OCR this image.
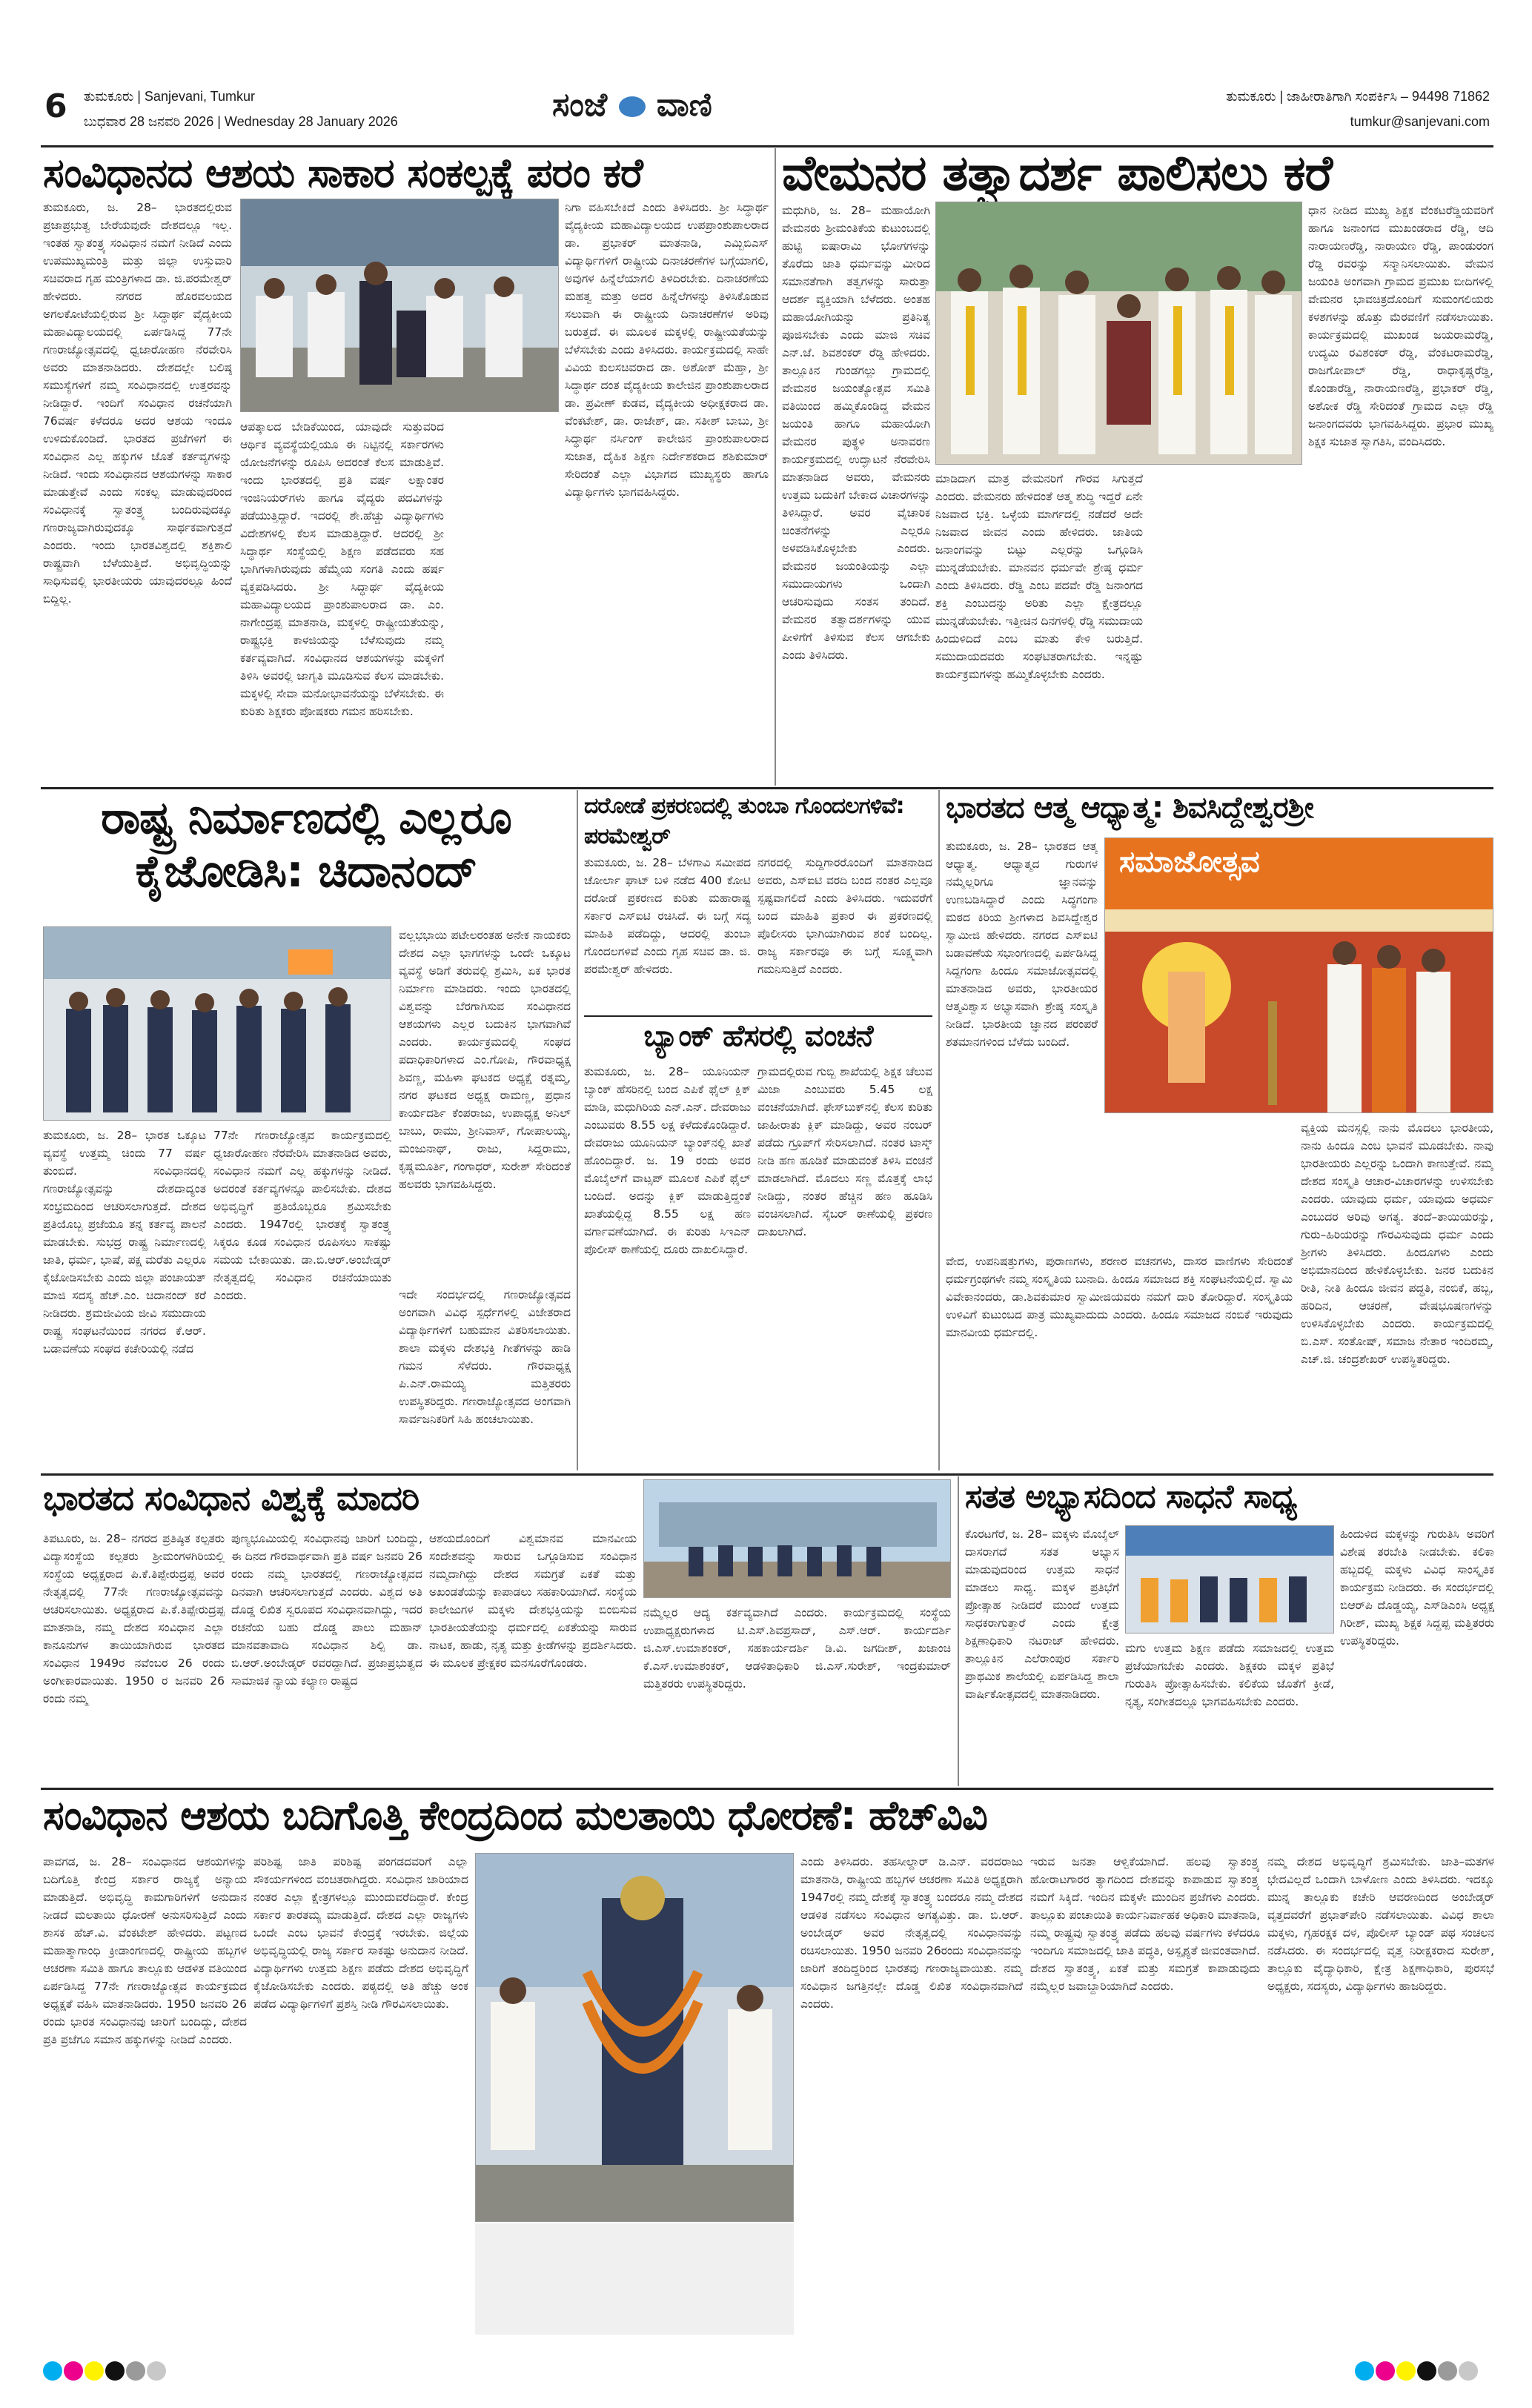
6 ತುಮಕೂರು | Sanjevani, Tumkur
ಬುಧವಾರ 28 ಜನವರಿ 2026 | Wednesday 28 January 2026	ಸಂಜೆ ವಾಣಿ	ತುಮಕೂರು | ಜಾಹೀರಾತಿಗಾಗಿ ಸಂಪರ್ಕಿಸಿ – 94498 71862
tumkur@sanjevani.com
ಸಂವಿಧಾನದ ಆಶಯ ಸಾಕಾರ ಸಂಕಲ್ಪಕ್ಕೆ ಪರಂ ಕರೆ
ತುಮಕೂರು, ಜ. 28– ಭಾರತದಲ್ಲಿರುವ ಪ್ರಜಾಪ್ರಭುತ್ವ ಬೇರೆಯವುದೇ ದೇಶದಲ್ಲೂ ಇಲ್ಲ. ಇಂತಹ ಸ್ವಾತಂತ್ರ್ಯ ಸಂವಿಧಾನ ನಮಗೆ ನೀಡಿದೆ ಎಂದು ಉಪಮುಖ್ಯಮಂತ್ರಿ ಮತ್ತು ಜಿಲ್ಲಾ ಉಸ್ತುವಾರಿ ಸಚಿವರಾದ ಗೃಹ ಮಂತ್ರಿಗಳಾದ ಡಾ. ಜಿ.ಪರಮೇಶ್ವರ್ ಹೇಳಿದರು. ನಗರದ ಹೊರವಲಯದ ಅಗಲಕೋಟೆಯಲ್ಲಿರುವ ಶ್ರೀ ಸಿದ್ಧಾರ್ಥ ವೈದ್ಯಕೀಯ ಮಹಾವಿದ್ಯಾಲಯದಲ್ಲಿ ಏರ್ಪಡಿಸಿದ್ದ 77ನೇ ಗಣರಾಜ್ಯೋತ್ಸವದಲ್ಲಿ ಧ್ವಜಾರೋಹಣ ನೆರವೇರಿಸಿ ಅವರು ಮಾತನಾಡಿದರು. ದೇಶದಲ್ಲೇ ಬಲಿಷ್ಠ ಸಮುಸ್ಯೆಗಳಿಗೆ ನಮ್ಮ ಸಂವಿಧಾನದಲ್ಲಿ ಉತ್ತರವನ್ನು ನೀಡಿದ್ದಾರೆ. ಇಂದಿಗೆ ಸಂವಿಧಾನ ರಚನೆಯಾಗಿ 76ವರ್ಷ ಕಳೆದರೂ ಅದರ ಆಶಯ ಇಂದೂ ಉಳಿದುಕೊಂಡಿದೆ. ಭಾರತದ ಪ್ರಜೆಗಳಿಗೆ ಈ ಸಂವಿಧಾನ ಎಲ್ಲ ಹಕ್ಕುಗಳ ಜೊತೆ ಕರ್ತವ್ಯಗಳನ್ನು ನೀಡಿದೆ. ಇಂದು ಸಂವಿಧಾನದ ಆಶಯಗಳನ್ನು ಸಾಕಾರ ಮಾಡುತ್ತೇವೆ ಎಂದು ಸಂಕಲ್ಪ ಮಾಡುವುದರಿಂದ ಸಂವಿಧಾನಕ್ಕೆ ಸ್ವಾತಂತ್ರ್ಯ ಬಂದಿರುವುದಕ್ಕೂ ಗಣರಾಜ್ಯವಾಗಿರುವುದಕ್ಕೂ ಸಾರ್ಥಕವಾಗುತ್ತದೆ ಎಂದರು. ಇಂದು ಭಾರತವಿಶ್ವದಲ್ಲಿ ಶಕ್ತಿಶಾಲಿ ರಾಷ್ಟ್ರವಾಗಿ ಬೆಳೆಯುತ್ತಿದೆ. ಅಭಿವೃದ್ಧಿಯನ್ನು ಸಾಧಿಸುವಲ್ಲಿ ಭಾರತೀಯರು ಯಾವುದರಲ್ಲೂ ಹಿಂದೆ ಬಿದ್ದಿಲ್ಲ.
ಆಪತ್ಕಾಲದ ಬೇಡಿಕೆಯಿಂದ, ಯಾವುದೇ ಸುತ್ತುವರಿದ ಆರ್ಥಿಕ ವ್ಯವಸ್ಥೆಯಲ್ಲಿಯೂ ಈ ನಿಟ್ಟಿನಲ್ಲಿ ಸರ್ಕಾರಗಳು ಯೋಜನೆಗಳನ್ನು ರೂಪಿಸಿ ಅದರಂತೆ ಕೆಲಸ ಮಾಡುತ್ತಿವೆ. ಇಂದು ಭಾರತದಲ್ಲಿ ಪ್ರತಿ ವರ್ಷ ಲಕ್ಷಾಂತರ ಇಂಜಿನಿಯರ್‌ಗಳು ಹಾಗೂ ವೈದ್ಯರು ಪದವಿಗಳನ್ನು ಪಡೆಯುತ್ತಿದ್ದಾರೆ. ಇದರಲ್ಲಿ ಶೇ.ಹೆಚ್ಚು ವಿದ್ಯಾರ್ಥಿಗಳು ವಿದೇಶಗಳಲ್ಲಿ ಕೆಲಸ ಮಾಡುತ್ತಿದ್ದಾರೆ. ಆದರಲ್ಲಿ ಶ್ರೀ ಸಿದ್ಧಾರ್ಥ ಸಂಸ್ಥೆಯಲ್ಲಿ ಶಿಕ್ಷಣ ಪಡೆದವರು ಸಹ ಭಾಗಿಗಳಾಗಿರುವುದು ಹೆಮ್ಮೆಯ ಸಂಗತಿ ಎಂದು ಹರ್ಷ ವ್ಯಕ್ತಪಡಿಸಿದರು. ಶ್ರೀ ಸಿದ್ಧಾರ್ಥ ವೈದ್ಯಕೀಯ ಮಹಾವಿದ್ಯಾಲಯದ ಪ್ರಾಂಶುಪಾಲರಾದ ಡಾ. ಎಂ. ನಾಗೇಂದ್ರಪ್ಪ ಮಾತನಾಡಿ, ಮಕ್ಕಳಲ್ಲಿ ರಾಷ್ಟ್ರೀಯತೆಯನ್ನು, ರಾಷ್ಟ್ರಭಕ್ತಿ ಕಾಳಜಿಯನ್ನು ಬೆಳೆಸುವುದು ನಮ್ಮ ಕರ್ತವ್ಯವಾಗಿದೆ. ಸಂವಿಧಾನದ ಆಶಯಗಳನ್ನು ಮಕ್ಕಳಿಗೆ ತಿಳಿಸಿ ಅವರಲ್ಲಿ ಜಾಗೃತಿ ಮೂಡಿಸುವ ಕೆಲಸ ಮಾಡಬೇಕು. ಮಕ್ಕಳಲ್ಲಿ ಸೇವಾ ಮನೋಭಾವನೆಯನ್ನು ಬೆಳೆಸಬೇಕು. ಈ ಕುರಿತು ಶಿಕ್ಷಕರು ಪೋಷಕರು ಗಮನ ಹರಿಸಬೇಕು.
ನಿಗಾ ವಹಿಸಬೇಕಿದೆ ಎಂದು ತಿಳಿಸಿದರು. ಶ್ರೀ ಸಿದ್ಧಾರ್ಥ ವೈದ್ಯಕೀಯ ಮಹಾವಿದ್ಯಾಲಯದ ಉಪಪ್ರಾಂಶುಪಾಲರಾದ ಡಾ. ಪ್ರಭಾಕರ್ ಮಾತನಾಡಿ, ಎಮ್ಬಿಬಿಎಸ್ ವಿದ್ಯಾರ್ಥಿಗಳಿಗೆ ರಾಷ್ಟ್ರೀಯ ದಿನಾಚರಣೆಗಳ ಬಗ್ಗೆಯಾಗಲಿ, ಅವುಗಳ ಹಿನ್ನೆಲೆಯಾಗಲಿ ತಿಳಿದಿರಬೇಕು. ದಿನಾಚರಣೆಯ ಮಹತ್ವ ಮತ್ತು ಅದರ ಹಿನ್ನೆಲೆಗಳನ್ನು ತಿಳಿಸಿಕೊಡುವ ಸಲುವಾಗಿ ಈ ರಾಷ್ಟ್ರೀಯ ದಿನಾಚರಣೆಗಳ ಅರಿವು ಬರುತ್ತದೆ. ಈ ಮೂಲಕ ಮಕ್ಕಳಲ್ಲಿ ರಾಷ್ಟ್ರೀಯತೆಯನ್ನು ಬೆಳೆಸಬೇಕು ಎಂದು ತಿಳಿಸಿದರು. ಕಾರ್ಯಕ್ರಮದಲ್ಲಿ ಸಾಹೇ ವಿವಿಯ ಕುಲಸಚಿವರಾದ ಡಾ. ಅಶೋಕ್ ಮೆಹ್ತಾ, ಶ್ರೀ ಸಿದ್ಧಾರ್ಥ ದಂತ ವೈದ್ಯಕೀಯ ಕಾಲೇಜಿನ ಪ್ರಾಂಶುಪಾಲರಾದ ಡಾ. ಪ್ರವೀಣ್ ಕುಡವ, ವೈದ್ಯಕೀಯ ಅಧೀಕ್ಷಕರಾದ ಡಾ. ವೆಂಕಟೇಶ್, ಡಾ. ರಾಜೇಶ್, ಡಾ. ಸತೀಶ್ ಬಾಬು, ಶ್ರೀ ಸಿದ್ಧಾರ್ಥ ನರ್ಸಿಂಗ್ ಕಾಲೇಜಿನ ಪ್ರಾಂಶುಪಾಲರಾದ ಸುಜಾತ, ದೈಹಿಕ ಶಿಕ್ಷಣ ನಿರ್ದೇಶಕರಾದ ಶಶಿಕುಮಾರ್ ಸೇರಿದಂತೆ ಎಲ್ಲಾ ವಿಭಾಗದ ಮುಖ್ಯಸ್ಥರು ಹಾಗೂ ವಿದ್ಯಾರ್ಥಿಗಳು ಭಾಗವಹಿಸಿದ್ದರು.
ವೇಮನರ ತತ್ವಾದರ್ಶ ಪಾಲಿಸಲು ಕರೆ
ಮಧುಗಿರಿ, ಜ. 28– ಮಹಾಯೋಗಿ ವೇಮನರು ಶ್ರೀಮಂತಿಕೆಯ ಕುಟುಂಬದಲ್ಲಿ ಹುಟ್ಟಿ ಐಷಾರಾಮಿ ಭೋಗಗಳನ್ನು ತೊರೆದು ಜಾತಿ ಧರ್ಮವನ್ನು ಮೀರಿದ ಸಮಾನತೆಗಾಗಿ ತತ್ವಗಳನ್ನು ಸಾರುತ್ತಾ ಆದರ್ಶ ವ್ಯಕ್ತಿಯಾಗಿ ಬೆಳೆದರು. ಅಂತಹ ಮಹಾಯೋಗಿಯನ್ನು ಪ್ರತಿನಿತ್ಯ ಪೂಜಿಸಬೇಕು ಎಂದು ಮಾಜಿ ಸಚಿವ ಎನ್.ಜೆ. ಶಿವಶಂಕರ್ ರೆಡ್ಡಿ ಹೇಳಿದರು. ತಾಲ್ಲೂಕಿನ ಗುಂಡಗಲ್ಲು ಗ್ರಾಮದಲ್ಲಿ ವೇಮನರ ಜಯಂತ್ಯೋತ್ಸವ ಸಮಿತಿ ವತಿಯಿಂದ ಹಮ್ಮಿಕೊಂಡಿದ್ದ ವೇಮನ ಜಯಂತಿ ಹಾಗೂ ಮಹಾಯೋಗಿ ವೇಮನರ ಪುತ್ಥಳಿ ಅನಾವರಣ ಕಾರ್ಯಕ್ರಮದಲ್ಲಿ ಉದ್ಘಾಟನೆ ನೆರವೇರಿಸಿ ಮಾತನಾಡಿದ ಅವರು, ವೇಮನರು ಉತ್ತಮ ಬದುಕಿಗೆ ಬೇಕಾದ ವಿಚಾರಗಳನ್ನು ತಿಳಿಸಿದ್ದಾರೆ. ಅವರ ವೈಚಾರಿಕ ಚಿಂತನೆಗಳನ್ನು ಎಲ್ಲರೂ ಅಳವಡಿಸಿಕೊಳ್ಳಬೇಕು ಎಂದರು. ವೇಮನರ ಜಯಂತಿಯನ್ನು ಎಲ್ಲಾ ಸಮುದಾಯಗಳು ಒಂದಾಗಿ ಆಚರಿಸುವುದು ಸಂತಸ ತಂದಿದೆ. ವೇಮನರ ತತ್ವಾದರ್ಶಗಳನ್ನು ಯುವ ಪೀಳಿಗೆಗೆ ತಿಳಿಸುವ ಕೆಲಸ ಆಗಬೇಕು ಎಂದು ತಿಳಿಸಿದರು.
ಮಾಡಿದಾಗ ಮಾತ್ರ ವೇಮನರಿಗೆ ಗೌರವ ಸಿಗುತ್ತದೆ ಎಂದರು. ವೇಮನರು ಹೇಳಿದಂತೆ ಆತ್ಮ ಶುದ್ಧಿ ಇದ್ದರೆ ಏನೇ ನಿಜವಾದ ಭಕ್ತಿ. ಒಳ್ಳೆಯ ಮಾರ್ಗದಲ್ಲಿ ನಡೆದರೆ ಅದೇ ನಿಜವಾದ ಜೀವನ ಎಂದು ಹೇಳಿದರು. ಜಾತಿಯ ಜನಾಂಗವನ್ನು ಬಿಟ್ಟು ಎಲ್ಲರನ್ನು ಒಗ್ಗೂಡಿಸಿ ಮುನ್ನಡೆಯಬೇಕು. ಮಾನವನ ಧರ್ಮವೇ ಶ್ರೇಷ್ಠ ಧರ್ಮ ಎಂದು ತಿಳಿಸಿದರು. ರೆಡ್ಡಿ ಎಂಬ ಪದವೇ ರೆಡ್ಡಿ ಜನಾಂಗದ ಶಕ್ತಿ ಎಂಬುದನ್ನು ಅರಿತು ಎಲ್ಲಾ ಕ್ಷೇತ್ರದಲ್ಲೂ ಮುನ್ನಡೆಯಬೇಕು. ಇತ್ತೀಚಿನ ದಿನಗಳಲ್ಲಿ ರೆಡ್ಡಿ ಸಮುದಾಯ ಹಿಂದುಳಿದಿದೆ ಎಂಬ ಮಾತು ಕೇಳಿ ಬರುತ್ತಿದೆ. ಸಮುದಾಯದವರು ಸಂಘಟಿತರಾಗಬೇಕು. ಇನ್ನಷ್ಟು ಕಾರ್ಯಕ್ರಮಗಳನ್ನು ಹಮ್ಮಿಕೊಳ್ಳಬೇಕು ಎಂದರು.
ಧಾನ ನೀಡಿದ ಮುಖ್ಯ ಶಿಕ್ಷಕ ವೆಂಕಟರೆಡ್ಡಿಯವರಿಗೆ ಹಾಗೂ ಜನಾಂಗದ ಮುಖಂಡರಾದ ರೆಡ್ಡಿ, ಆದಿ ನಾರಾಯಣರೆಡ್ಡಿ, ನಾರಾಯಣ ರೆಡ್ಡಿ, ಪಾಂಡುರಂಗ ರೆಡ್ಡಿ ರವರನ್ನು ಸನ್ಮಾನಿಸಲಾಯಿತು. ವೇಮನ ಜಯಂತಿ ಅಂಗವಾಗಿ ಗ್ರಾಮದ ಪ್ರಮುಖ ಬೀದಿಗಳಲ್ಲಿ ವೇಮನರ ಭಾವಚಿತ್ರದೊಂದಿಗೆ ಸುಮಂಗಲಿಯರು ಕಳಶಗಳನ್ನು ಹೊತ್ತು ಮೆರವಣಿಗೆ ನಡೆಸಲಾಯಿತು. ಕಾರ್ಯಕ್ರಮದಲ್ಲಿ ಮುಖಂಡ ಜಯರಾಮರೆಡ್ಡಿ, ಉದ್ಯಮಿ ರವಿಶಂಕರ್ ರೆಡ್ಡಿ, ವೆಂಕಟರಾಮರೆಡ್ಡಿ, ರಾಜಗೋಪಾಲ್ ರೆಡ್ಡಿ, ರಾಧಾಕೃಷ್ಣರೆಡ್ಡಿ, ಕೊಂಡಾರೆಡ್ಡಿ, ನಾರಾಯಣರೆಡ್ಡಿ, ಪ್ರಭಾಕರ್ ರೆಡ್ಡಿ, ಅಶೋಕ ರೆಡ್ಡಿ ಸೇರಿದಂತೆ ಗ್ರಾಮದ ಎಲ್ಲಾ ರೆಡ್ಡಿ ಜನಾಂಗದವರು ಭಾಗವಹಿಸಿದ್ದರು. ಪ್ರಭಾರ ಮುಖ್ಯ ಶಿಕ್ಷಕ ಸುಜಾತ ಸ್ವಾಗತಿಸಿ, ವಂದಿಸಿದರು.
ರಾಷ್ಟ್ರ ನಿರ್ಮಾಣದಲ್ಲಿ ಎಲ್ಲರೂ ಕೈಜೋಡಿಸಿ: ಚಿದಾನಂದ್
ತುಮಕೂರು, ಜ. 28– ಭಾರತ ಒಕ್ಕೂಟ ವ್ಯವಸ್ಥೆ ಉತ್ತಮ್ಮ ಚಿಂದು 77 ವರ್ಷ ತುಂಬಿದೆ. ಸಂವಿಧಾನದಲ್ಲಿ ಗಣರಾಜ್ಯೋತ್ಸವನ್ನು ದೇಶದಾದ್ಯಂತ ಸಂಭ್ರಮದಿಂದ ಆಚರಿಸಲಾಗುತ್ತದೆ. ದೇಶದ ಪ್ರತಿಯೊಬ್ಬ ಪ್ರಜೆಯೂ ತನ್ನ ಕರ್ತವ್ಯ ಪಾಲನೆ ಮಾಡಬೇಕು. ಸುಭದ್ರ ರಾಷ್ಟ್ರ ನಿರ್ಮಾಣದಲ್ಲಿ ಜಾತಿ, ಧರ್ಮ, ಭಾಷೆ, ಪಕ್ಷ ಮರೆತು ಎಲ್ಲರೂ ಕೈಜೋಡಿಸಬೇಕು ಎಂದು ಜಿಲ್ಲಾ ಪಂಚಾಯತ್ ಮಾಜಿ ಸದಸ್ಯ ಹೆಚ್.ಎಂ. ಚಿದಾನಂದ್ ಕರೆ ನೀಡಿದರು. ಶ್ರಮಜೀವಿಯ ಜೀವಿ ಸಮುದಾಯ ರಾಷ್ಟ್ರ ಸಂಘಟನೆಯಿಂದ ನಗರದ ಕೆ.ಆರ್. ಬಡಾವಣೆಯ ಸಂಘದ ಕಚೇರಿಯಲ್ಲಿ ನಡೆದ
77ನೇ ಗಣರಾಜ್ಯೋತ್ಸವ ಕಾರ್ಯಕ್ರಮದಲ್ಲಿ ಧ್ವಜಾರೋಹಣ ನೆರವೇರಿಸಿ ಮಾತನಾಡಿದ ಅವರು, ಸಂವಿಧಾನ ನಮಗೆ ಎಲ್ಲ ಹಕ್ಕುಗಳನ್ನು ನೀಡಿದೆ. ಅದರಂತೆ ಕರ್ತವ್ಯಗಳನ್ನೂ ಪಾಲಿಸಬೇಕು. ದೇಶದ ಅಭಿವೃದ್ಧಿಗೆ ಪ್ರತಿಯೊಬ್ಬರೂ ಶ್ರಮಿಸಬೇಕು ಎಂದರು. 1947ರಲ್ಲಿ ಭಾರತಕ್ಕೆ ಸ್ವಾತಂತ್ರ್ಯ ಸಿಕ್ಕರೂ ಕೂಡ ಸಂವಿಧಾನ ರೂಪಿಸಲು ಸಾಕಷ್ಟು ಸಮಯ ಬೇಕಾಯಿತು. ಡಾ.ಬಿ.ಆರ್.ಅಂಬೇಡ್ಕರ್ ನೇತೃತ್ವದಲ್ಲಿ ಸಂವಿಧಾನ ರಚನೆಯಾಯಿತು ಎಂದರು.
ವಲ್ಲಭಭಾಯಿ ಪಟೇಲರಂತಹ ಅನೇಕ ನಾಯಕರು ದೇಶದ ಎಲ್ಲಾ ಭಾಗಗಳನ್ನು ಒಂದೇ ಒಕ್ಕೂಟ ವ್ಯವಸ್ಥೆ ಅಡಿಗೆ ತರುವಲ್ಲಿ ಶ್ರಮಿಸಿ, ಏಕ ಭಾರತ ನಿರ್ಮಾಣ ಮಾಡಿದರು. ಇಂದು ಭಾರತದಲ್ಲಿ ವಿಶ್ವವನ್ನು ಬೆರಗಾಗಿಸುವ ಸಂವಿಧಾನದ ಆಶಯಗಳು ಎಲ್ಲರ ಬದುಕಿನ ಭಾಗವಾಗಿವೆ ಎಂದರು. ಕಾರ್ಯಕ್ರಮದಲ್ಲಿ ಸಂಘದ ಪದಾಧಿಕಾರಿಗಳಾದ ಎಂ.ಗೋಪಿ, ಗೌರವಾಧ್ಯಕ್ಷ ಶಿವಣ್ಣ, ಮಹಿಳಾ ಘಟಕದ ಅಧ್ಯಕ್ಷೆ ರತ್ನಮ್ಮ, ನಗರ ಘಟಕದ ಅಧ್ಯಕ್ಷ ರಾಮಣ್ಣ, ಪ್ರಧಾನ ಕಾರ್ಯದರ್ಶಿ ಕೆಂಪರಾಜು, ಉಪಾಧ್ಯಕ್ಷ ಅನಿಲ್ ಬಾಬು, ರಾಮು, ಶ್ರೀನಿವಾಸ್, ಗೋಪಾಲಯ್ಯ, ಮಂಜುನಾಥ್, ರಾಜು, ಸಿದ್ದರಾಮು, ಕೃಷ್ಣಮೂರ್ತಿ, ಗಂಗಾಧರ್, ಸುರೇಶ್ ಸೇರಿದಂತೆ ಹಲವರು ಭಾಗವಹಿಸಿದ್ದರು.
ಇದೇ ಸಂದರ್ಭದಲ್ಲಿ ಗಣರಾಜ್ಯೋತ್ಸವದ ಅಂಗವಾಗಿ ವಿವಿಧ ಸ್ಪರ್ಧೆಗಳಲ್ಲಿ ವಿಜೇತರಾದ ವಿದ್ಯಾರ್ಥಿಗಳಿಗೆ ಬಹುಮಾನ ವಿತರಿಸಲಾಯಿತು. ಶಾಲಾ ಮಕ್ಕಳು ದೇಶಭಕ್ತಿ ಗೀತೆಗಳನ್ನು ಹಾಡಿ ಗಮನ ಸೆಳೆದರು. ಗೌರವಾಧ್ಯಕ್ಷ ಪಿ.ಎನ್.ರಾಮಯ್ಯ ಮತ್ತಿತರರು ಉಪಸ್ಥಿತರಿದ್ದರು. ಗಣರಾಜ್ಯೋತ್ಸವದ ಅಂಗವಾಗಿ ಸಾರ್ವಜನಿಕರಿಗೆ ಸಿಹಿ ಹಂಚಲಾಯಿತು.
ದರೋಡೆ ಪ್ರಕರಣದಲ್ಲಿ ತುಂಬಾ ಗೊಂದಲಗಳಿವೆ: ಪರಮೇಶ್ವರ್
ತುಮಕೂರು, ಜ. 28– ಬೆಳಗಾವಿ ಸಮೀಪದ ಚೋರ್ಲಾ ಘಾಟ್‌ ಬಳಿ ನಡೆದ 400 ಕೋಟಿ ದರೋಡೆ ಪ್ರಕರಣದ ಕುರಿತು ಮಹಾರಾಷ್ಟ್ರ ಸರ್ಕಾರ ಎಸ್ಐಟಿ ರಚಿಸಿದೆ. ಈ ಬಗ್ಗೆ ಸದ್ಯ ಮಾಹಿತಿ ಪಡೆದಿದ್ದು, ಆದರಲ್ಲಿ ತುಂಬಾ ಗೊಂದಲಗಳಿವೆ ಎಂದು ಗೃಹ ಸಚಿವ ಡಾ. ಜಿ. ಪರಮೇಶ್ವರ್ ಹೇಳಿದರು.
ನಗರದಲ್ಲಿ ಸುದ್ದಿಗಾರರೊಂದಿಗೆ ಮಾತನಾಡಿದ ಅವರು, ಎಸ್ಐಟಿ ವರದಿ ಬಂದ ನಂತರ ಎಲ್ಲವೂ ಸ್ಪಷ್ಟವಾಗಲಿದೆ ಎಂದು ತಿಳಿಸಿದರು. ಇದುವರೆಗೆ ಬಂದ ಮಾಹಿತಿ ಪ್ರಕಾರ ಈ ಪ್ರಕರಣದಲ್ಲಿ ಪೊಲೀಸರು ಭಾಗಿಯಾಗಿರುವ ಶಂಕೆ ಬಂದಿಲ್ಲ. ರಾಜ್ಯ ಸರ್ಕಾರವೂ ಈ ಬಗ್ಗೆ ಸೂಕ್ಷ್ಮವಾಗಿ ಗಮನಿಸುತ್ತಿದೆ ಎಂದರು.
ಬ್ಯಾಂಕ್ ಹೆಸರಲ್ಲಿ ವಂಚನೆ
ತುಮಕೂರು, ಜ. 28– ಯೂನಿಯನ್ ಬ್ಯಾಂಕ್ ಹೆಸರಿನಲ್ಲಿ ಬಂದ ಎಪಿಕೆ ಫೈಲ್ ಕ್ಲಿಕ್ ಮಾಡಿ, ಮಧುಗಿರಿಯ ಎನ್.ಎನ್. ದೇವರಾಜು ಎಂಬುವರು 8.55 ಲಕ್ಷ ಕಳೆದುಕೊಂಡಿದ್ದಾರೆ. ದೇವರಾಜು ಯೂನಿಯನ್ ಬ್ಯಾಂಕ್‌ನಲ್ಲಿ ಖಾತೆ ಹೊಂದಿದ್ದಾರೆ. ಜ. 19 ರಂದು ಅವರ ಮೊಬೈಲ್‌ಗೆ ವಾಟ್ಸಪ್ ಮೂಲಕ ಎಪಿಕೆ ಫೈಲ್ ಬಂದಿದೆ. ಅದನ್ನು ಕ್ಲಿಕ್ ಮಾಡುತ್ತಿದ್ದಂತೆ ಖಾತೆಯಲ್ಲಿದ್ದ 8.55 ಲಕ್ಷ ಹಣ ವರ್ಗಾವಣೆಯಾಗಿದೆ. ಈ ಕುರಿತು ಸಿಇಎನ್ ಪೊಲೀಸ್ ಠಾಣೆಯಲ್ಲಿ ದೂರು ದಾಖಲಿಸಿದ್ದಾರೆ.
ಗ್ರಾಮದಲ್ಲಿರುವ ಗುಬ್ಬಿ ಶಾಖೆಯಲ್ಲಿ ಶಿಕ್ಷಕ ಚೆಲುವ ಮಿಜಾ ಎಂಬುವರು 5.45 ಲಕ್ಷ ವಂಚನೆಯಾಗಿದೆ. ಫೇಸ್‌ಬುಕ್‌ನಲ್ಲಿ ಕೆಲಸ ಕುರಿತು ಜಾಹೀರಾತು ಕ್ಲಿಕ್ ಮಾಡಿದ್ದು, ಅವರ ನಂಬರ್ ಪಡೆದು ಗ್ರೂಪ್‌ಗೆ ಸೇರಿಸಲಾಗಿದೆ. ನಂತರ ಟಾಸ್ಕ್ ನೀಡಿ ಹಣ ಹೂಡಿಕೆ ಮಾಡುವಂತೆ ತಿಳಿಸಿ ವಂಚನೆ ಮಾಡಲಾಗಿದೆ. ಮೊದಲು ಸಣ್ಣ ಮೊತ್ತಕ್ಕೆ ಲಾಭ ನೀಡಿದ್ದು, ನಂತರ ಹೆಚ್ಚಿನ ಹಣ ಹೂಡಿಸಿ ವಂಚಿಸಲಾಗಿದೆ. ಸೈಬರ್ ಠಾಣೆಯಲ್ಲಿ ಪ್ರಕರಣ ದಾಖಲಾಗಿದೆ.
ಭಾರತದ ಆತ್ಮ ಆಧ್ಯಾತ್ಮ: ಶಿವಸಿದ್ದೇಶ್ವರಶ್ರೀ
ತುಮಕೂರು, ಜ. 28– ಭಾರತದ ಆತ್ಮ ಆಧ್ಯಾತ್ಮ. ಆಧ್ಯಾತ್ಮದ ಗುರುಗಳ ನಮ್ಮೆಲ್ಲರಿಗೂ ಜ್ಞಾನವನ್ನು ಉಣಬಡಿಸಿದ್ದಾರೆ ಎಂದು ಸಿದ್ಧಗಂಗಾ ಮಠದ ಕಿರಿಯ ಶ್ರೀಗಳಾದ ಶಿವಸಿದ್ದೇಶ್ವರ ಸ್ವಾಮೀಜಿ ಹೇಳಿದರು. ನಗರದ ಎಸ್ಐಟಿ ಬಡಾವಣೆಯ ಸಭಾಂಗಣದಲ್ಲಿ ಏರ್ಪಡಿಸಿದ್ದ ಸಿದ್ದಗಂಗಾ ಹಿಂದೂ ಸಮಾಜೋತ್ಸವದಲ್ಲಿ ಮಾತನಾಡಿದ ಅವರು, ಭಾರತೀಯರ ಆತ್ಮವಿಶ್ವಾಸ ಅಭ್ಯಾಸವಾಗಿ ಶ್ರೇಷ್ಠ ಸಂಸ್ಕೃತಿ ನೀಡಿದೆ. ಭಾರತೀಯ ಜ್ಞಾನದ ಪರಂಪರೆ ಶತಮಾನಗಳಿಂದ ಬೆಳೆದು ಬಂದಿದೆ.
ಸಮಾಜೋತ್ಸವ
ವೇದ, ಉಪನಿಷತ್ತುಗಳು, ಪುರಾಣಗಳು, ಶರಣರ ವಚನಗಳು, ದಾಸರ ವಾಣಿಗಳು ಸೇರಿದಂತೆ ಧರ್ಮಗ್ರಂಥಗಳೇ ನಮ್ಮ ಸಂಸ್ಕೃತಿಯ ಬುನಾದಿ. ಹಿಂದೂ ಸಮಾಜದ ಶಕ್ತಿ ಸಂಘಟನೆಯಲ್ಲಿದೆ. ಸ್ವಾಮಿ ವಿವೇಕಾನಂದರು, ಡಾ.ಶಿವಕುಮಾರ ಸ್ವಾಮೀಜಿಯವರು ನಮಗೆ ದಾರಿ ತೋರಿದ್ದಾರೆ. ಸಂಸ್ಕೃತಿಯ ಉಳಿವಿಗೆ ಕುಟುಂಬದ ಪಾತ್ರ ಮುಖ್ಯವಾದುದು ಎಂದರು. ಹಿಂದೂ ಸಮಾಜದ ನಂಬಿಕೆ ಇರುವುದು ಮಾನವೀಯ ಧರ್ಮದಲ್ಲಿ.
ವ್ಯಕ್ತಿಯ ಮನಸ್ಸಲ್ಲಿ ನಾನು ಮೊದಲು ಭಾರತೀಯ, ನಾನು ಹಿಂದೂ ಎಂಬ ಭಾವನೆ ಮೂಡಬೇಕು. ನಾವು ಭಾರತೀಯರು ಎಲ್ಲರನ್ನು ಒಂದಾಗಿ ಕಾಣುತ್ತೇವೆ. ನಮ್ಮ ದೇಶದ ಸಂಸ್ಕೃತಿ ಆಚಾರ-ವಿಚಾರಗಳನ್ನು ಉಳಿಸಬೇಕು ಎಂದರು. ಯಾವುದು ಧರ್ಮ, ಯಾವುದು ಅಧರ್ಮ ಎಂಬುದರ ಅರಿವು ಅಗತ್ಯ. ತಂದೆ–ತಾಯಿಯರನ್ನು, ಗುರು–ಹಿರಿಯರನ್ನು ಗೌರವಿಸುವುದು ಧರ್ಮ ಎಂದು ಶ್ರೀಗಳು ತಿಳಿಸಿದರು. ಹಿಂದೂಗಳು ಎಂದು ಅಭಿಮಾನದಿಂದ ಹೇಳಿಕೊಳ್ಳಬೇಕು. ಜನರ ಬದುಕಿನ ರೀತಿ, ನೀತಿ ಹಿಂದೂ ಜೀವನ ಪದ್ಧತಿ, ನಂಬಿಕೆ, ಹಬ್ಬ, ಹರಿದಿನ, ಆಚರಣೆ, ವೇಷಭೂಷಣಗಳನ್ನು ಉಳಿಸಿಕೊಳ್ಳಬೇಕು ಎಂದರು. ಕಾರ್ಯಕ್ರಮದಲ್ಲಿ ಬಿ.ಎಸ್. ಸಂತೋಷ್, ಸಮಾಜ ನೇತಾರ ಇಂದಿರಮ್ಮ, ಎಚ್.ಜಿ. ಚಂದ್ರಶೇಖರ್ ಉಪಸ್ಥಿತರಿದ್ದರು.
ಭಾರತದ ಸಂವಿಧಾನ ವಿಶ್ವಕ್ಕೆ ಮಾದರಿ
ತಿಪಟೂರು, ಜ. 28– ನಗರದ ಪ್ರತಿಷ್ಠಿತ ಕಲ್ಪತರು ವಿದ್ಯಾಸಂಸ್ಥೆಯ ಕಲ್ಪತರು ಶ್ರೀಮಂಗಳಗಿರಿಯಲ್ಲಿ ಸಂಸ್ಥೆಯ ಅಧ್ಯಕ್ಷರಾದ ಪಿ.ಕೆ.ತಿಪ್ಪೇರುದ್ರಪ್ಪ ಅವರ ನೇತೃತ್ವದಲ್ಲಿ 77ನೇ ಗಣರಾಜ್ಯೋತ್ಸವವನ್ನು ಆಚರಿಸಲಾಯಿತು. ಅಧ್ಯಕ್ಷರಾದ ಪಿ.ಕೆ.ತಿಪ್ಪೇರುದ್ರಪ್ಪ ಮಾತನಾಡಿ, ನಮ್ಮ ದೇಶದ ಸಂವಿಧಾನ ಎಲ್ಲಾ ಕಾನೂನುಗಳ ತಾಯಿಯಾಗಿರುವ ಭಾರತದ ಸಂವಿಧಾನ 1949ರ ನವೆಂಬರ 26 ರಂದು ಅಂಗೀಕಾರವಾಯಿತು. 1950 ರ ಜನವರಿ 26 ರಂದು ನಮ್ಮ
ಪುಣ್ಯಭೂಮಿಯಲ್ಲಿ ಸಂವಿಧಾನವು ಜಾರಿಗೆ ಬಂದಿದ್ದು, ಈ ದಿನದ ಗೌರವಾರ್ಥವಾಗಿ ಪ್ರತಿ ವರ್ಷ ಜನವರಿ 26 ರಂದು ನಮ್ಮ ಭಾರತದಲ್ಲಿ ಗಣರಾಜ್ಯೋತ್ಸವದ ದಿನವಾಗಿ ಆಚರಿಸಲಾಗುತ್ತದೆ ಎಂದರು. ವಿಶ್ವದ ಅತಿ ದೊಡ್ಡ ಲಿಖಿತ ಸ್ವರೂಪದ ಸಂವಿಧಾನವಾಗಿದ್ದು, ಇದರ ರಚನೆಯ ಬಹು ದೊಡ್ಡ ಪಾಲು ಮಹಾನ್ ಮಾನವತಾವಾದಿ ಸಂವಿಧಾನ ಶಿಲ್ಪಿ ಡಾ. ಬಿ.ಆರ್.ಅಂಬೇಡ್ಕರ್ ರವರದ್ದಾಗಿದೆ. ಪ್ರಜಾಪ್ರಭುತ್ವದ ಸಾಮಾಜಿಕ ನ್ಯಾಯ ಕಲ್ಯಾಣ ರಾಷ್ಟ್ರದ
ಆಶಯದೊಂದಿಗೆ ವಿಶ್ವಮಾನವ ಮಾನವೀಯ ಸಂದೇಶವನ್ನು ಸಾರುವ ಒಗ್ಗೂಡಿಸುವ ಸಂವಿಧಾನ ನಮ್ಮದಾಗಿದ್ದು ದೇಶದ ಸಮಗ್ರತೆ ಏಕತೆ ಮತ್ತು ಅಖಂಡತೆಯನ್ನು ಕಾಪಾಡಲು ಸಹಕಾರಿಯಾಗಿದೆ. ಸಂಸ್ಥೆಯ ಕಾಲೇಜುಗಳ ಮಕ್ಕಳು ದೇಶಭಕ್ತಿಯನ್ನು ಬಿಂಬಿಸುವ ಭಾರತೀಯತೆಯನ್ನು ಧರ್ಮದಲ್ಲಿ ಏಕತೆಯನ್ನು ಸಾರುವ ನಾಟಕ, ಹಾಡು, ನೃತ್ಯ ಮತ್ತು ಕ್ರೀಡೆಗಳನ್ನು ಪ್ರದರ್ಶಿಸಿದರು. ಈ ಮೂಲಕ ಪ್ರೇಕ್ಷಕರ ಮನಸೂರೆಗೊಂಡರು.
ನಮ್ಮೆಲ್ಲರ ಆದ್ಯ ಕರ್ತವ್ಯವಾಗಿದೆ ಎಂದರು. ಕಾರ್ಯಕ್ರಮದಲ್ಲಿ ಸಂಸ್ಥೆಯ ಉಪಾಧ್ಯಕ್ಷರುಗಳಾದ ಟಿ.ಎಸ್.ಶಿವಪ್ರಸಾದ್, ಎಸ್.ಆರ್. ಕಾರ್ಯದರ್ಶಿ ಜಿ.ಎಸ್.ಉಮಾಶಂಕರ್, ಸಹಕಾರ್ಯದರ್ಶಿ ಡಿ.ವಿ. ಜಗದೀಶ್, ಖಜಾಂಚಿ ಕೆ.ಎಸ್.ಉಮಾಶಂಕರ್, ಆಡಳಿತಾಧಿಕಾರಿ ಜಿ.ಎಸ್.ಸುರೇಶ್, ಇಂದ್ರಕುಮಾರ್ ಮತ್ತಿತರರು ಉಪಸ್ಥಿತರಿದ್ದರು.
ಸತತ ಅಭ್ಯಾಸದಿಂದ ಸಾಧನೆ ಸಾಧ್ಯ
ಕೊರಟಗೆರೆ, ಜ. 28– ಮಕ್ಕಳು ಮೊಬೈಲ್ ದಾಸರಾಗದೆ ಸತತ ಅಭ್ಯಾಸ ಮಾಡುವುದರಿಂದ ಉತ್ತಮ ಸಾಧನೆ ಮಾಡಲು ಸಾಧ್ಯ. ಮಕ್ಕಳ ಪ್ರತಿಭೆಗೆ ಪ್ರೋತ್ಸಾಹ ನೀಡಿದರೆ ಮುಂದೆ ಉತ್ತಮ ಸಾಧಕರಾಗುತ್ತಾರೆ ಎಂದು ಕ್ಷೇತ್ರ ಶಿಕ್ಷಣಾಧಿಕಾರಿ ನಟರಾಜ್ ಹೇಳಿದರು. ತಾಲ್ಲೂಕಿನ ಎಲೆರಾಂಪುರ ಸರ್ಕಾರಿ ಪ್ರಾಥಮಿಕ ಶಾಲೆಯಲ್ಲಿ ಏರ್ಪಡಿಸಿದ್ದ ಶಾಲಾ ವಾರ್ಷಿಕೋತ್ಸವದಲ್ಲಿ ಮಾತನಾಡಿದರು.
ಮಗು ಉತ್ತಮ ಶಿಕ್ಷಣ ಪಡೆದು ಸಮಾಜದಲ್ಲಿ ಉತ್ತಮ ಪ್ರಜೆಯಾಗಬೇಕು ಎಂದರು. ಶಿಕ್ಷಕರು ಮಕ್ಕಳ ಪ್ರತಿಭೆ ಗುರುತಿಸಿ ಪ್ರೋತ್ಸಾಹಿಸಬೇಕು. ಕಲಿಕೆಯ ಜೊತೆಗೆ ಕ್ರೀಡೆ, ನೃತ್ಯ, ಸಂಗೀತದಲ್ಲೂ ಭಾಗವಹಿಸಬೇಕು ಎಂದರು.
ಹಿಂದುಳಿದ ಮಕ್ಕಳನ್ನು ಗುರುತಿಸಿ ಅವರಿಗೆ ವಿಶೇಷ ತರಬೇತಿ ನೀಡಬೇಕು. ಕಲಿಕಾ ಹಬ್ಬದಲ್ಲಿ ಮಕ್ಕಳು ವಿವಿಧ ಸಾಂಸ್ಕೃತಿಕ ಕಾರ್ಯಕ್ರಮ ನೀಡಿದರು. ಈ ಸಂದರ್ಭದಲ್ಲಿ ಬಿಆರ್‌ಪಿ ದೊಡ್ಡಯ್ಯ, ಎಸ್‌ಡಿಎಂಸಿ ಅಧ್ಯಕ್ಷ ಗಿರೀಶ್, ಮುಖ್ಯ ಶಿಕ್ಷಕ ಸಿದ್ದಪ್ಪ ಮತ್ತಿತರರು ಉಪಸ್ಥಿತರಿದ್ದರು.
ಸಂವಿಧಾನ ಆಶಯ ಬದಿಗೊತ್ತಿ ಕೇಂದ್ರದಿಂದ ಮಲತಾಯಿ ಧೋರಣೆ: ಹೆಚ್‌ವಿವಿ
ಪಾವಗಡ, ಜ. 28– ಸಂವಿಧಾನದ ಆಶಯಗಳನ್ನು ಬದಿಗೊತ್ತಿ ಕೇಂದ್ರ ಸರ್ಕಾರ ರಾಜ್ಯಕ್ಕೆ ಅನ್ಯಾಯ ಮಾಡುತ್ತಿದೆ. ಅಭಿವೃದ್ಧಿ ಕಾಮಗಾರಿಗಳಿಗೆ ಅನುದಾನ ನೀಡದೆ ಮಲತಾಯಿ ಧೋರಣೆ ಅನುಸರಿಸುತ್ತಿದೆ ಎಂದು ಶಾಸಕ ಹೆಚ್.ವಿ. ವೆಂಕಟೇಶ್ ಹೇಳಿದರು. ಪಟ್ಟಣದ ಮಹಾತ್ಮಾಗಾಂಧಿ ಕ್ರೀಡಾಂಗಣದಲ್ಲಿ ರಾಷ್ಟ್ರೀಯ ಹಬ್ಬಗಳ ಆಚರಣಾ ಸಮಿತಿ ಹಾಗೂ ತಾಲ್ಲೂಕು ಆಡಳಿತ ವತಿಯಿಂದ ಏರ್ಪಡಿಸಿದ್ದ 77ನೇ ಗಣರಾಜ್ಯೋತ್ಸವ ಕಾರ್ಯಕ್ರಮದ ಅಧ್ಯಕ್ಷತೆ ವಹಿಸಿ ಮಾತನಾಡಿದರು. 1950 ಜನವರಿ 26 ರಂದು ಭಾರತ ಸಂವಿಧಾನವು ಜಾರಿಗೆ ಬಂದಿದ್ದು, ದೇಶದ ಪ್ರತಿ ಪ್ರಜೆಗೂ ಸಮಾನ ಹಕ್ಕುಗಳನ್ನು ನೀಡಿದೆ ಎಂದರು.
ಪರಿಶಿಷ್ಟ ಜಾತಿ ಪರಿಶಿಷ್ಟ ಪಂಗಡದವರಿಗೆ ಎಲ್ಲಾ ಸೌಕರ್ಯಗಳಿಂದ ವಂಚಿತರಾಗಿದ್ದರು. ಸಂವಿಧಾನ ಜಾರಿಯಾದ ನಂತರ ಎಲ್ಲಾ ಕ್ಷೇತ್ರಗಳಲ್ಲೂ ಮುಂದುವರೆದಿದ್ದಾರೆ. ಕೇಂದ್ರ ಸರ್ಕಾರ ತಾರತಮ್ಯ ಮಾಡುತ್ತಿದೆ. ದೇಶದ ಎಲ್ಲಾ ರಾಜ್ಯಗಳು ಒಂದೇ ಎಂಬ ಭಾವನೆ ಕೇಂದ್ರಕ್ಕೆ ಇರಬೇಕು. ಜಿಲ್ಲೆಯ ಅಭಿವೃದ್ಧಿಯಲ್ಲಿ ರಾಜ್ಯ ಸರ್ಕಾರ ಸಾಕಷ್ಟು ಅನುದಾನ ನೀಡಿದೆ. ವಿದ್ಯಾರ್ಥಿಗಳು ಉತ್ತಮ ಶಿಕ್ಷಣ ಪಡೆದು ದೇಶದ ಅಭಿವೃದ್ಧಿಗೆ ಕೈಜೋಡಿಸಬೇಕು ಎಂದರು. ಪಠ್ಯದಲ್ಲಿ ಅತಿ ಹೆಚ್ಚು ಅಂಕ ಪಡೆದ ವಿದ್ಯಾರ್ಥಿಗಳಿಗೆ ಪ್ರಶಸ್ತಿ ನೀಡಿ ಗೌರವಿಸಲಾಯಿತು.
ಎಂದು ತಿಳಿಸಿದರು. ತಹಸೀಲ್ದಾರ್ ಡಿ.ಎನ್. ವರದರಾಜು ಮಾತನಾಡಿ, ರಾಷ್ಟ್ರೀಯ ಹಬ್ಬಗಳ ಆಚರಣಾ ಸಮಿತಿ ಅಧ್ಯಕ್ಷರಾಗಿ 1947ರಲ್ಲಿ ನಮ್ಮ ದೇಶಕ್ಕೆ ಸ್ವಾತಂತ್ರ್ಯ ಬಂದರೂ ನಮ್ಮ ದೇಶದ ಆಡಳಿತ ನಡೆಸಲು ಸಂವಿಧಾನ ಅಗತ್ಯವಿತ್ತು. ಡಾ. ಬಿ.ಆರ್. ಅಂಬೇಡ್ಕರ್ ಅವರ ನೇತೃತ್ವದಲ್ಲಿ ಸಂವಿಧಾನವನ್ನು ರಚಿಸಲಾಯಿತು. 1950 ಜನವರಿ 26ರಂದು ಸಂವಿಧಾನವನ್ನು ಜಾರಿಗೆ ತಂದಿದ್ದರಿಂದ ಭಾರತವು ಗಣರಾಜ್ಯವಾಯಿತು. ನಮ್ಮ ಸಂವಿಧಾನ ಜಗತ್ತಿನಲ್ಲೇ ದೊಡ್ಡ ಲಿಖಿತ ಸಂವಿಧಾನವಾಗಿದೆ ಎಂದರು.
ಇರುವ ಜನತಾ ಆಳ್ವಿಕೆಯಾಗಿದೆ. ಹಲವು ಸ್ವಾತಂತ್ರ್ಯ ಹೋರಾಟಗಾರರ ತ್ಯಾಗದಿಂದ ದೇಶವನ್ನು ಕಾಪಾಡುವ ಸ್ವಾತಂತ್ರ್ಯ ನಮಗೆ ಸಿಕ್ಕಿದೆ. ಇಂದಿನ ಮಕ್ಕಳೇ ಮುಂದಿನ ಪ್ರಜೆಗಳು ಎಂದರು. ತಾಲ್ಲೂಕು ಪಂಚಾಯಿತಿ ಕಾರ್ಯನಿರ್ವಾಹಕ ಅಧಿಕಾರಿ ಮಾತನಾಡಿ, ನಮ್ಮ ರಾಷ್ಟ್ರವು ಸ್ವಾತಂತ್ರ್ಯ ಪಡೆದು ಹಲವು ವರ್ಷಗಳು ಕಳೆದರೂ ಇಂದಿಗೂ ಸಮಾಜದಲ್ಲಿ ಜಾತಿ ಪದ್ಧತಿ, ಅಸ್ಪೃಶ್ಯತೆ ಜೀವಂತವಾಗಿದೆ. ದೇಶದ ಸ್ವಾತಂತ್ರ್ಯ, ಏಕತೆ ಮತ್ತು ಸಮಗ್ರತೆ ಕಾಪಾಡುವುದು ನಮ್ಮೆಲ್ಲರ ಜವಾಬ್ದಾರಿಯಾಗಿದೆ ಎಂದರು.
ನಮ್ಮ ದೇಶದ ಅಭಿವೃದ್ಧಿಗೆ ಶ್ರಮಿಸಬೇಕು. ಜಾತಿ–ಮತಗಳ ಭೇದವಿಲ್ಲದೆ ಒಂದಾಗಿ ಬಾಳೋಣ ಎಂದು ತಿಳಿಸಿದರು. ಇದಕ್ಕೂ ಮುನ್ನ ತಾಲ್ಲೂಕು ಕಚೇರಿ ಆವರಣದಿಂದ ಅಂಬೇಡ್ಕರ್ ವೃತ್ತದವರೆಗೆ ಪ್ರಭಾತ್‌ಪೇರಿ ನಡೆಸಲಾಯಿತು. ವಿವಿಧ ಶಾಲಾ ಮಕ್ಕಳು, ಗೃಹರಕ್ಷಕ ದಳ, ಪೊಲೀಸ್ ಬ್ಯಾಂಡ್ ಪಥ ಸಂಚಲನ ನಡೆಸಿದರು. ಈ ಸಂದರ್ಭದಲ್ಲಿ ವೃತ್ತ ನಿರೀಕ್ಷಕರಾದ ಸುರೇಶ್, ತಾಲ್ಲೂಕು ವೈದ್ಯಾಧಿಕಾರಿ, ಕ್ಷೇತ್ರ ಶಿಕ್ಷಣಾಧಿಕಾರಿ, ಪುರಸಭೆ ಅಧ್ಯಕ್ಷರು, ಸದಸ್ಯರು, ವಿದ್ಯಾರ್ಥಿಗಳು ಹಾಜರಿದ್ದರು.
